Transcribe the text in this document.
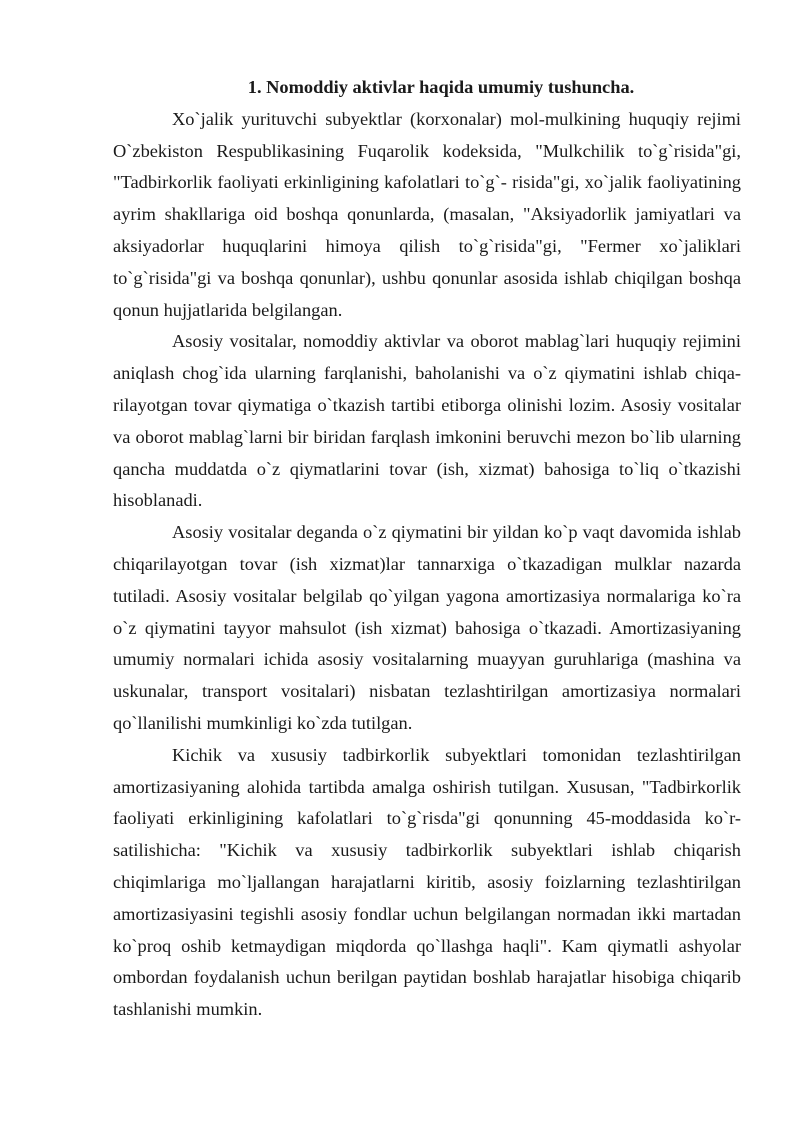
1. Nomoddiy aktivlar haqida umumiy tushuncha.

Xo`jalik yurituvchi subyektlar (korxonalar) mol-mulkining huquqiy rejimi O`zbekiston Respublikasining Fuqarolik kodeksida, "Mulkchilik to`g`risida"gi, "Tadbirkorlik faoliyati erkinligining kafolatlari to`g`- risida"gi, xo`jalik faoliyatining ayrim shakllariga oid boshqa qonunlarda, (masalan, "Aksiyadorlik jamiyatlari va aksiyadorlar huquqlarini himoya qilish to`g`risida"gi, "Fermer xo`jaliklari to`g`risida"gi va boshqa qonunlar), ushbu qonunlar asosida ishlab chiqilgan boshqa qonun hujjatlarida belgilangan.

Asosiy vositalar, nomoddiy aktivlar va oborot mablag`lari huquqiy rejimini aniqlash chog`ida ularning farqlanishi, baholanishi va o`z qiymatini ishlab chiqa-rilayotgan tovar qiymatiga o`tkazish tartibi etiborga olinishi lozim. Asosiy vositalar va oborot mablag`larni bir biridan farqlash imkonini beruvchi mezon bo`lib ularning qancha muddatda o`z qiymatlarini tovar (ish, xizmat) bahosiga to`liq o`tkazishi hisoblanadi.

Asosiy vositalar deganda o`z qiymatini bir yildan ko`p vaqt davomida ishlab chiqarilayotgan tovar (ish xizmat)lar tannarxiga o`tkazadigan mulklar nazarda tutiladi. Asosiy vositalar belgilab qo`yilgan yagona amortizasiya normalariga ko`ra o`z qiymatini tayyor mahsulot (ish xizmat) bahosiga o`tkazadi. Amortizasiyaning umumiy normalari ichida asosiy vositalarning muayyan guruhlariga (mashina va uskunalar, transport vositalari) nisbatan tezlashtirilgan amortizasiya normalari qo`llanilishi mumkinligi ko`zda tutilgan.

Kichik va xususiy tadbirkorlik subyektlari tomonidan tezlashtirilgan amortizasiyaning alohida tartibda amalga oshirish tutilgan. Xususan, "Tadbirkorlik faoliyati erkinligining kafolatlari to`g`risda"gi qonunning 45-moddasida ko`r-satilishicha: "Kichik va xususiy tadbirkorlik subyektlari ishlab chiqarish chiqimlariga mo`ljallangan harajatlarni kiritib, asosiy foizlarning tezlashtirilgan amortizasiyasini tegishli asosiy fondlar uchun belgilangan normadan ikki martadan ko`proq oshib ketmaydigan miqdorda qo`llashga haqli". Kam qiymatli ashyolar ombordan foydalanish uchun berilgan paytidan boshlab harajatlar hisobiga chiqarib tashlanishi mumkin.
